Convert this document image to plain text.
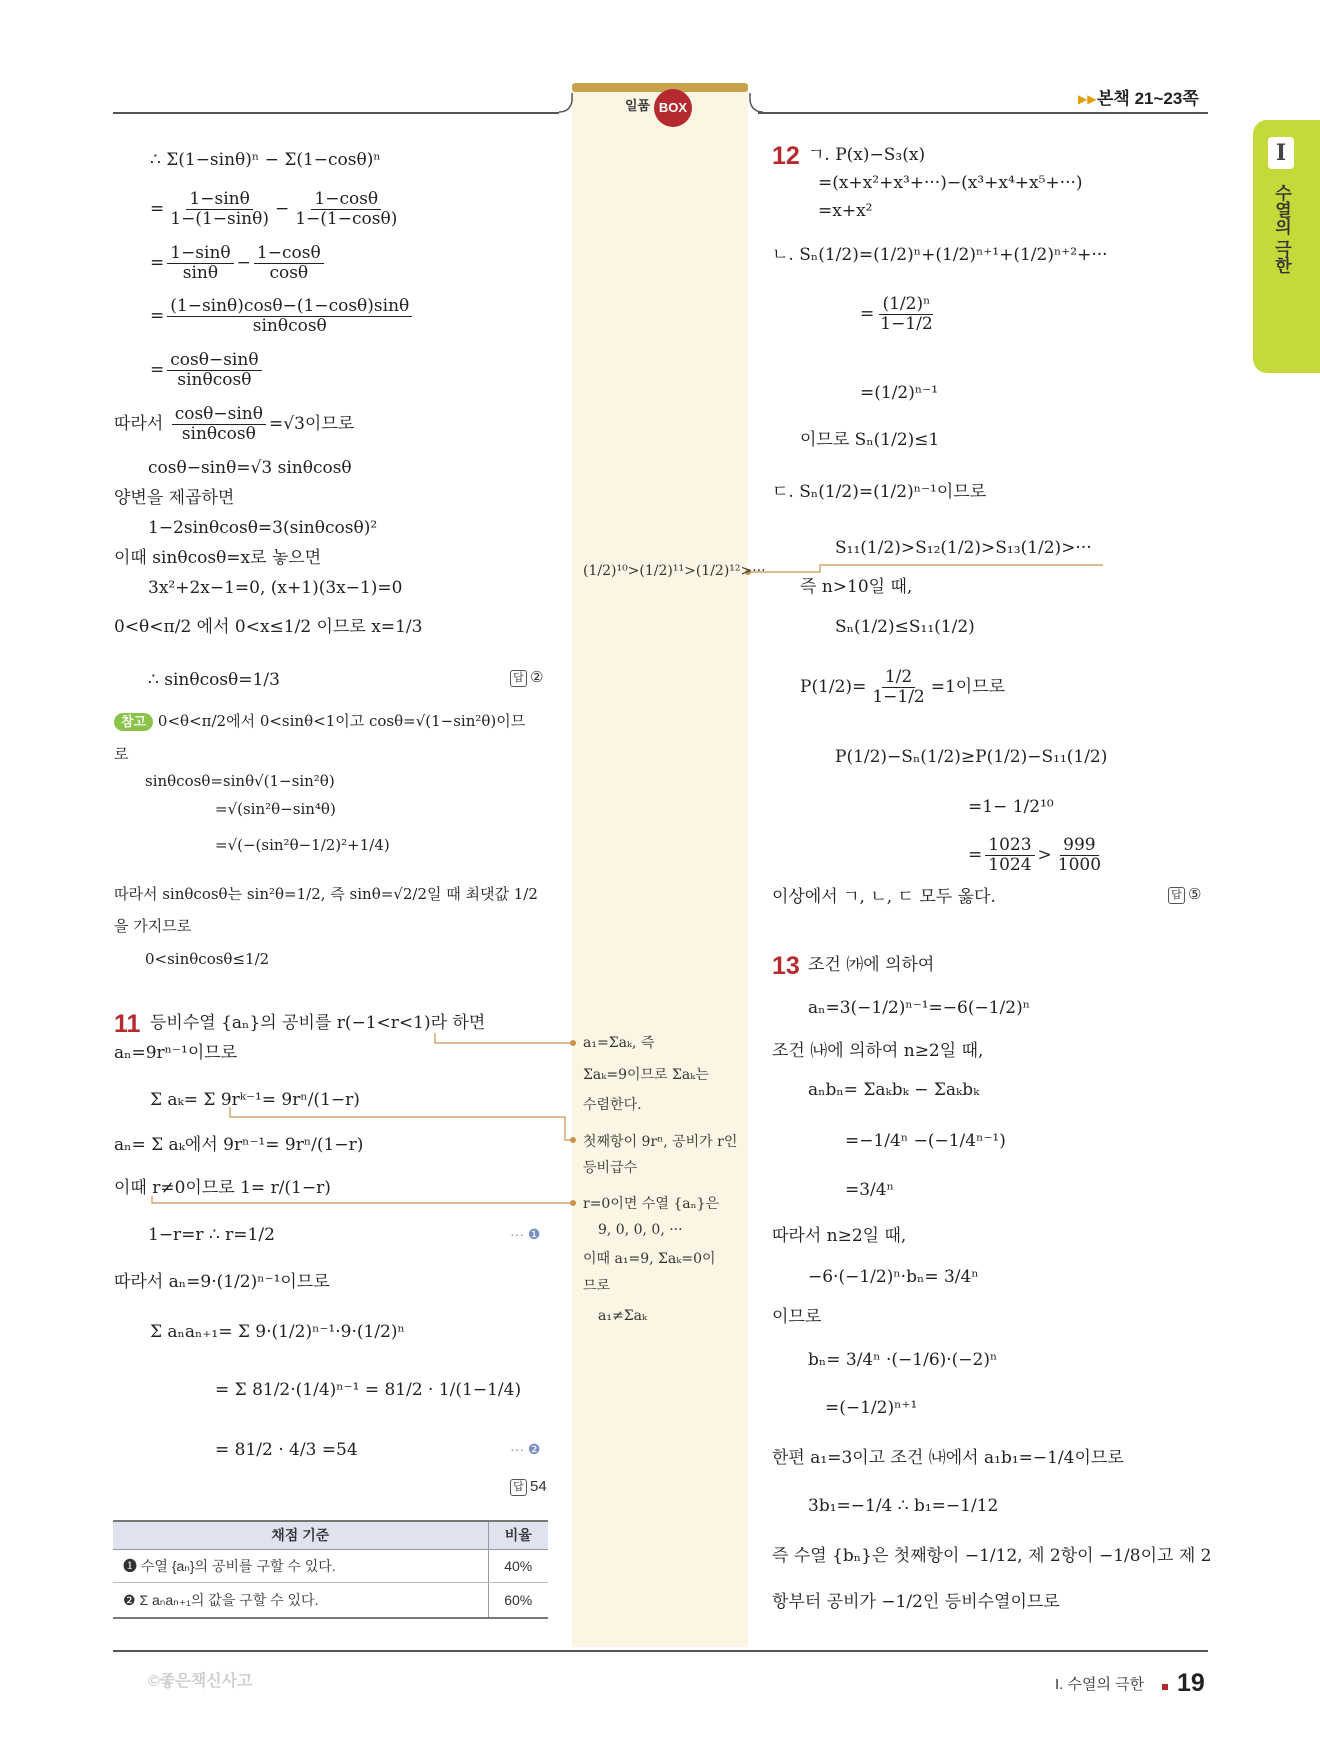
일품 BOX
▶▶ 본책 21~23쪽
I
수열의 극한
∴ Σ(1−sinθ)ⁿ − Σ(1−cosθ)ⁿ
= $\frac{1-\sin\theta}{1-(1-\sin\theta)} - \frac{1-\cos\theta}{1-(1-\cos\theta)}$
= $\frac{1-\sin\theta}{\sin\theta} - \frac{1-\cos\theta}{\cos\theta}$
= $\frac{(1-\sin\theta)\cos\theta-(1-\cos\theta)\sin\theta}{\sin\theta\cos\theta}$
= $\frac{\cos\theta-\sin\theta}{\sin\theta\cos\theta}$
따라서 $\frac{\cos\theta-\sin\theta}{\sin\theta\cos\theta} =√3$이므로
cosθ−sinθ=√3 sinθcosθ
양변을 제곱하면
1−2sinθcosθ=3(sinθcosθ)²
이때 sinθcosθ=x로 놓으면
3x²+2x−1=0, (x+1)(3x−1)=0
0<θ<π/2 에서 0<x≤1/2 이므로 x=1/3
∴ sinθcosθ=1/3	답 ②
참고 0<θ<π/2에서 0<sinθ<1이고 cosθ=√(1−sin²θ)이므
로
sinθcosθ=sinθ√(1−sin²θ)
=√(sin²θ−sin⁴θ)
=√(−(sin²θ−1/2)²+1/4)
따라서 sinθcosθ는 sin²θ=1/2, 즉 sinθ=√2/2일 때 최댓값 1/2
을 가지므로
0<sinθcosθ≤1/2
11 등비수열 {aₙ}의 공비를 r(−1<r<1)라 하면
aₙ=9rⁿ⁻¹이므로
Σ aₖ= Σ 9rᵏ⁻¹= 9rⁿ/(1−r)
aₙ= Σ aₖ에서 9rⁿ⁻¹= 9rⁿ/(1−r)
이때 r≠0이므로 1= r/(1−r)
1−r=r ∴ r=1/2	··· ❶
따라서 aₙ=9·(1/2)ⁿ⁻¹이므로
Σ aₙaₙ₊₁= Σ 9·(1/2)ⁿ⁻¹·9·(1/2)ⁿ
= Σ 81/2·(1/4)ⁿ⁻¹ = 81/2 · 1/(1−1/4)
= 81/2 · 4/3 =54	··· ❷
답 54
채점 기준	비율
❶ 수열 {aₙ}의 공비를 구할 수 있다.	40%
❷ Σ aₙaₙ₊₁의 값을 구할 수 있다.	60%
(1/2)¹⁰>(1/2)¹¹>(1/2)¹²>···
a₁=Σaₖ, 즉
Σaₖ=9이므로 Σaₖ는
수렴한다.
첫째항이 9rⁿ, 공비가 r인
등비급수
r=0이면 수열 {aₙ}은
9, 0, 0, 0, ···
이때 a₁=9, Σaₖ=0이
므로
a₁≠Σaₖ
12 ㄱ. P(x)−S₃(x)
=(x+x²+x³+···)−(x³+x⁴+x⁵+···)
=x+x²
ㄴ. Sₙ(1/2)=(1/2)ⁿ+(1/2)ⁿ⁺¹+(1/2)ⁿ⁺²+···
= $\frac{\text{(1/2)ⁿ}}{1-1/2}$
=(1/2)ⁿ⁻¹
이므로 Sₙ(1/2)≤1
ㄷ. Sₙ(1/2)=(1/2)ⁿ⁻¹이므로
S₁₁(1/2)>S₁₂(1/2)>S₁₃(1/2)>···
즉 n>10일 때,
Sₙ(1/2)≤S₁₁(1/2)
$P(1/2)= \frac{1/2}{1-1/2} =1$이므로
P(1/2)−Sₙ(1/2)≥P(1/2)−S₁₁(1/2)
=1− 1/2¹⁰
= $\frac{1023}{1024} > \frac{999}{1000}$
이상에서 ㄱ, ㄴ, ㄷ 모두 옳다.	답 ⑤
13 조건 ㈎에 의하여
aₙ=3(−1/2)ⁿ⁻¹=−6(−1/2)ⁿ
조건 ㈏에 의하여 n≥2일 때,
aₙbₙ= Σaₖbₖ − Σaₖbₖ
=−1/4ⁿ −(−1/4ⁿ⁻¹)
=3/4ⁿ
따라서 n≥2일 때,
−6·(−1/2)ⁿ·bₙ= 3/4ⁿ
이므로
bₙ= 3/4ⁿ ·(−1/6)·(−2)ⁿ
=(−1/2)ⁿ⁺¹
한편 a₁=3이고 조건 ㈏에서 a₁b₁=−1/4이므로
3b₁=−1/4 ∴ b₁=−1/12
즉 수열 {bₙ}은 첫째항이 −1/12, 제 2항이 −1/8이고 제 2
항부터 공비가 −1/2인 등비수열이므로
©좋은책신사고	I. 수열의 극한 19
